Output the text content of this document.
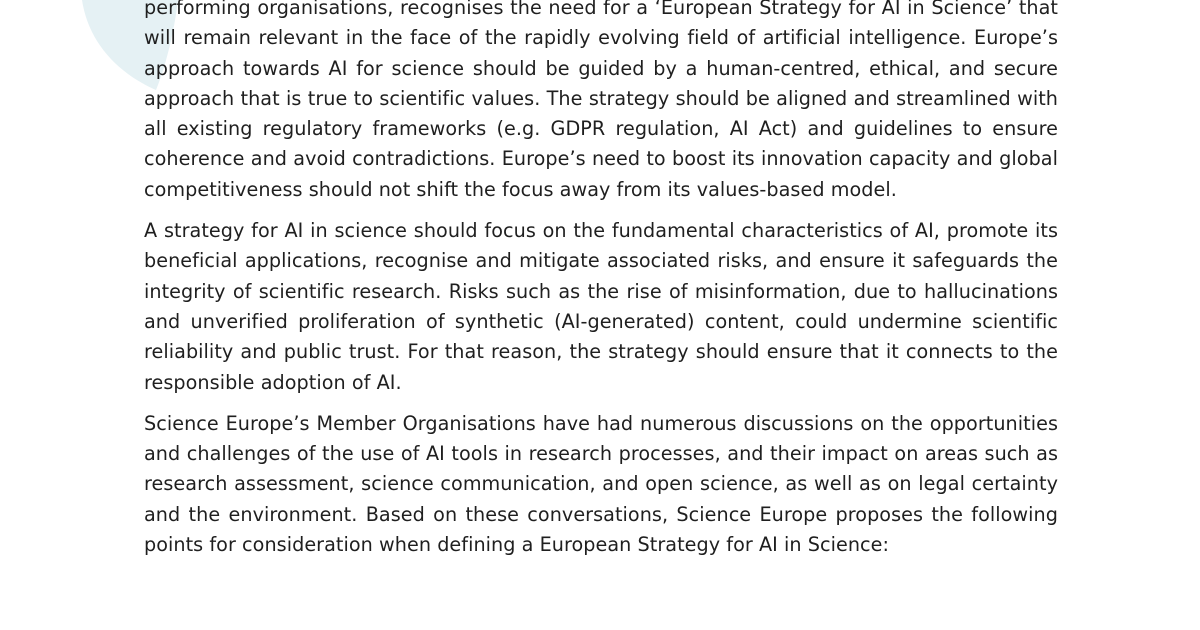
performing organisations, recognises the need for a ‘European Strategy for AI in Science’ that will remain relevant in the face of the rapidly evolving field of artificial intelligence. Europe’s approach towards AI for science should be guided by a human-centred, ethical, and secure approach that is true to scientific values. The strategy should be aligned and streamlined with all existing regulatory frameworks (e.g. GDPR regulation, AI Act) and guidelines to ensure coherence and avoid contradictions. Europe’s need to boost its innovation capacity and global competitiveness should not shift the focus away from its values-based model.

A strategy for AI in science should focus on the fundamental characteristics of AI, promote its beneficial applications, recognise and mitigate associated risks, and ensure it safeguards the integrity of scientific research. Risks such as the rise of misinformation, due to hallucinations and unverified proliferation of synthetic (AI-generated) content, could undermine scientific reliability and public trust. For that reason, the strategy should ensure that it connects to the responsible adoption of AI.

Science Europe’s Member Organisations have had numerous discussions on the opportunities and challenges of the use of AI tools in research processes, and their impact on areas such as research assessment, science communication, and open science, as well as on legal certainty and the environment. Based on these conversations, Science Europe proposes the following points for consideration when defining a European Strategy for AI in Science:
